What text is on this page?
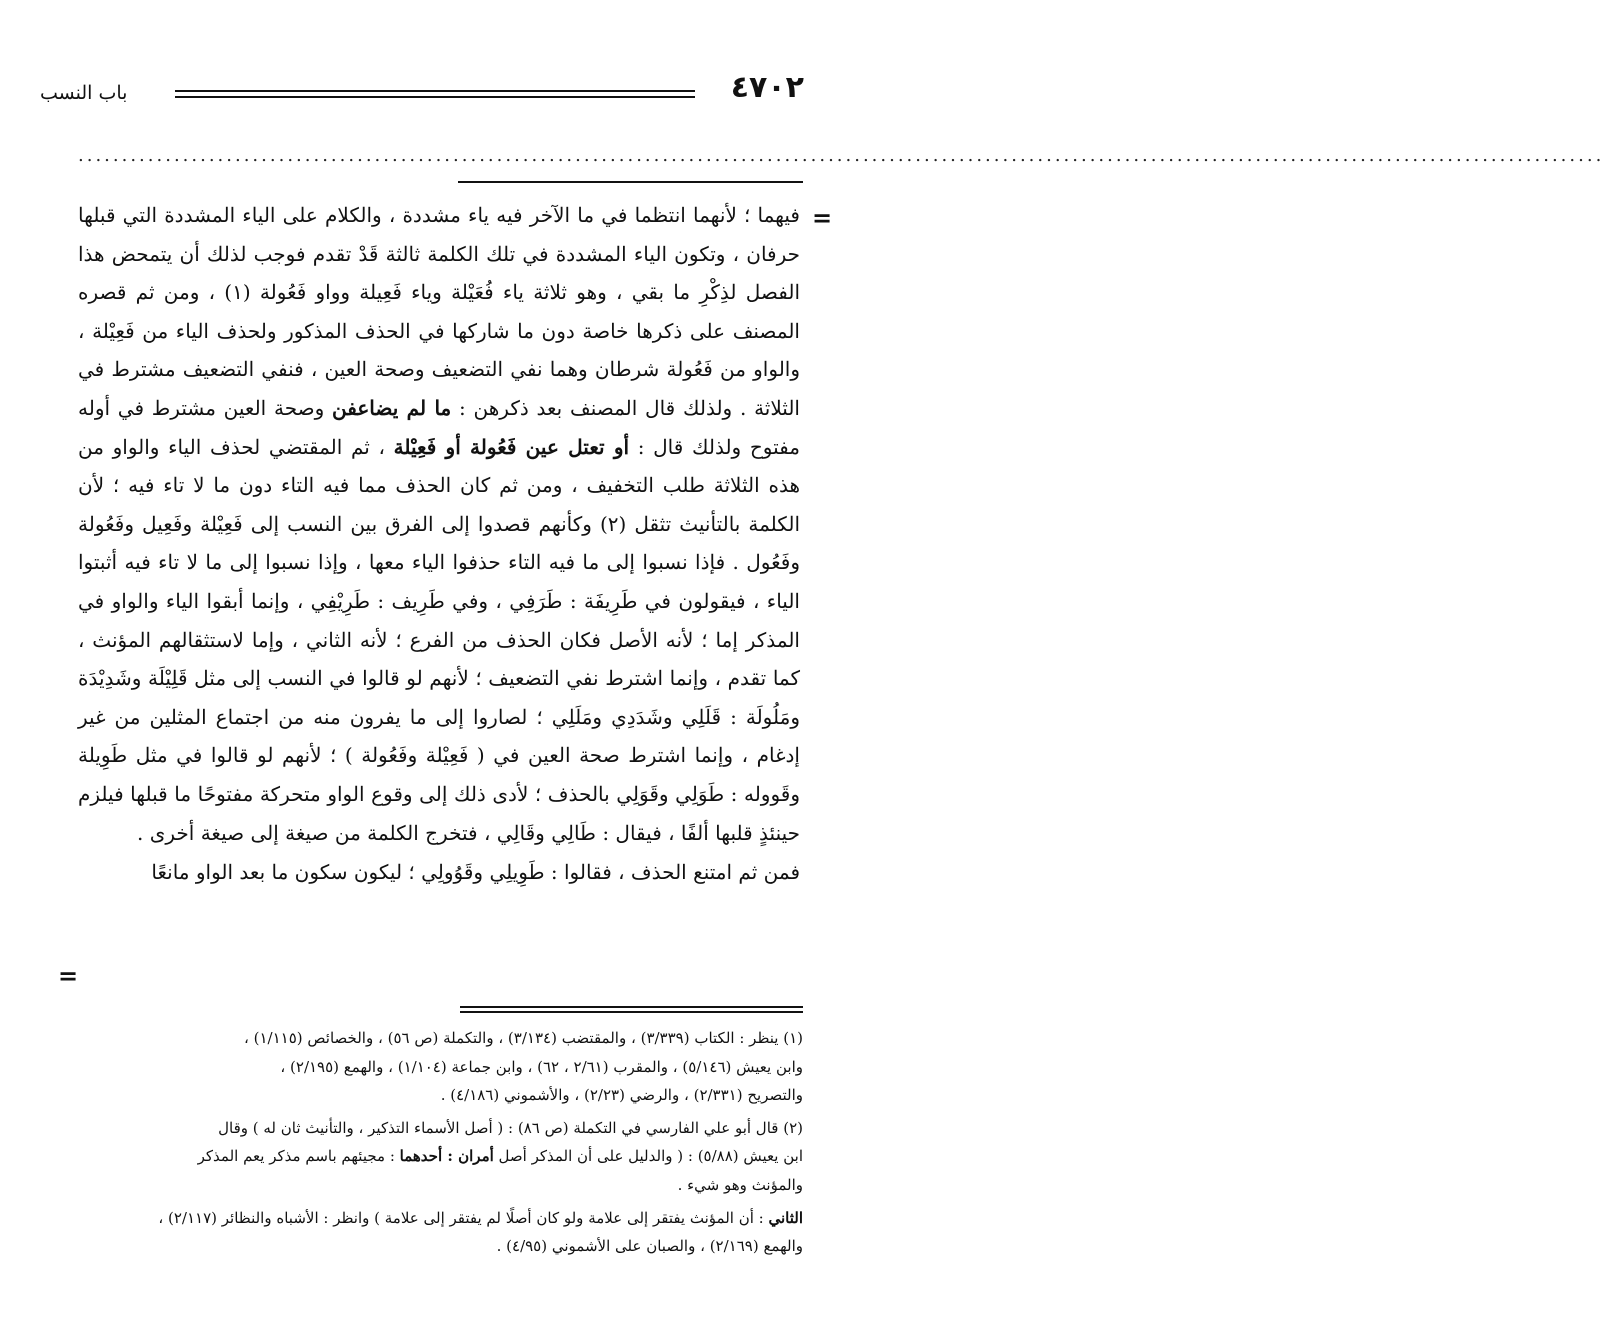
٤٧٠٢
باب النسب
...............................................................................................................................................................................
=

فيهما ؛ لأنهما انتظما في ما الآخر فيه ياء مشددة ، والكلام على الياء المشددة التي قبلها حرفان ، وتكون الياء المشددة في تلك الكلمة ثالثة قَدْ تقدم فوجب لذلك أن يتمحض هذا الفصل لذِكْرِ ما بقي ، وهو ثلاثة ياء فُعَيْلة وياء فَعِيلة وواو فَعُولة (١) ، ومن ثم قصره المصنف على ذكرها خاصة دون ما شاركها في الحذف المذكور ولحذف الياء من فَعِيْلة ، والواو من فَعُولة شرطان وهما نفي التضعيف وصحة العين ، فنفي التضعيف مشترط في الثلاثة . ولذلك قال المصنف بعد ذكرهن : ما لم يضاعفن وصحة العين مشترط في أوله مفتوح ولذلك قال : أو تعتل عين فَعُولة أو فَعِيْلة ، ثم المقتضي لحذف الياء والواو من هذه الثلاثة طلب التخفيف ، ومن ثم كان الحذف مما فيه التاء دون ما لا تاء فيه ؛ لأن الكلمة بالتأنيث تثقل (٢) وكأنهم قصدوا إلى الفرق بين النسب إلى فَعِيْلة وفَعِيل وفَعُولة وفَعُول . فإذا نسبوا إلى ما فيه التاء حذفوا الياء معها ، وإذا نسبوا إلى ما لا تاء فيه أثبتوا الياء ، فيقولون في طَرِيفَة : طَرَفِي ، وفي طَرِيف : طَرِيْفِي ، وإنما أبقوا الياء والواو في المذكر إما ؛ لأنه الأصل فكان الحذف من الفرع ؛ لأنه الثاني ، وإما لاستثقالهم المؤنث ، كما تقدم ، وإنما اشترط نفي التضعيف ؛ لأنهم لو قالوا في النسب إلى مثل قَلِيْلَة وشَدِيْدَة ومَلُولَة : قَلَلِي وشَدَدِي ومَلَلِي ؛ لصاروا إلى ما يفرون منه من اجتماع المثلين من غير إدغام ، وإنما اشترط صحة العين في ( فَعِيْلة وفَعُولة ) ؛ لأنهم لو قالوا في مثل طَوِيلة وقَووله : طَوَلِي وقَوَلِي بالحذف ؛ لأدى ذلك إلى وقوع الواو متحركة مفتوحًا ما قبلها فيلزم حينئذٍ قلبها ألفًا ، فيقال : طَالِي وقَالِي ، فتخرج الكلمة من صيغة إلى صيغة أخرى .

فمن ثم امتنع الحذف ، فقالوا : طَوِيلِي وقَوُولِي ؛ ليكون سكون ما بعد الواو مانعًا

=

(١) ينظر : الكتاب (٣/٣٣٩) ، والمقتضب (٣/١٣٤) ، والتكملة (ص ٥٦) ، والخصائص (١/١١٥) ،

وابن يعيش (٥/١٤٦) ، والمقرب (٢/٦١ ، ٦٢) ، وابن جماعة (١/١٠٤) ، والهمع (٢/١٩٥) ،

والتصريح (٢/٣٣١) ، والرضي (٢/٢٣) ، والأشموني (٤/١٨٦) .

(٢) قال أبو علي الفارسي في التكملة (ص ٨٦) : ( أصل الأسماء التذكير ، والتأنيث ثان له ) وقال

ابن يعيش (٥/٨٨) : ( والدليل على أن المذكر أصل أمران : أحدهما : مجيئهم باسم مذكر يعم المذكر

والمؤنث وهو شيء .

الثاني : أن المؤنث يفتقر إلى علامة ولو كان أصلًا لم يفتقر إلى علامة ) وانظر : الأشباه والنظائر (٢/١١٧) ،

والهمع (٢/١٦٩) ، والصبان على الأشموني (٤/٩٥) .
